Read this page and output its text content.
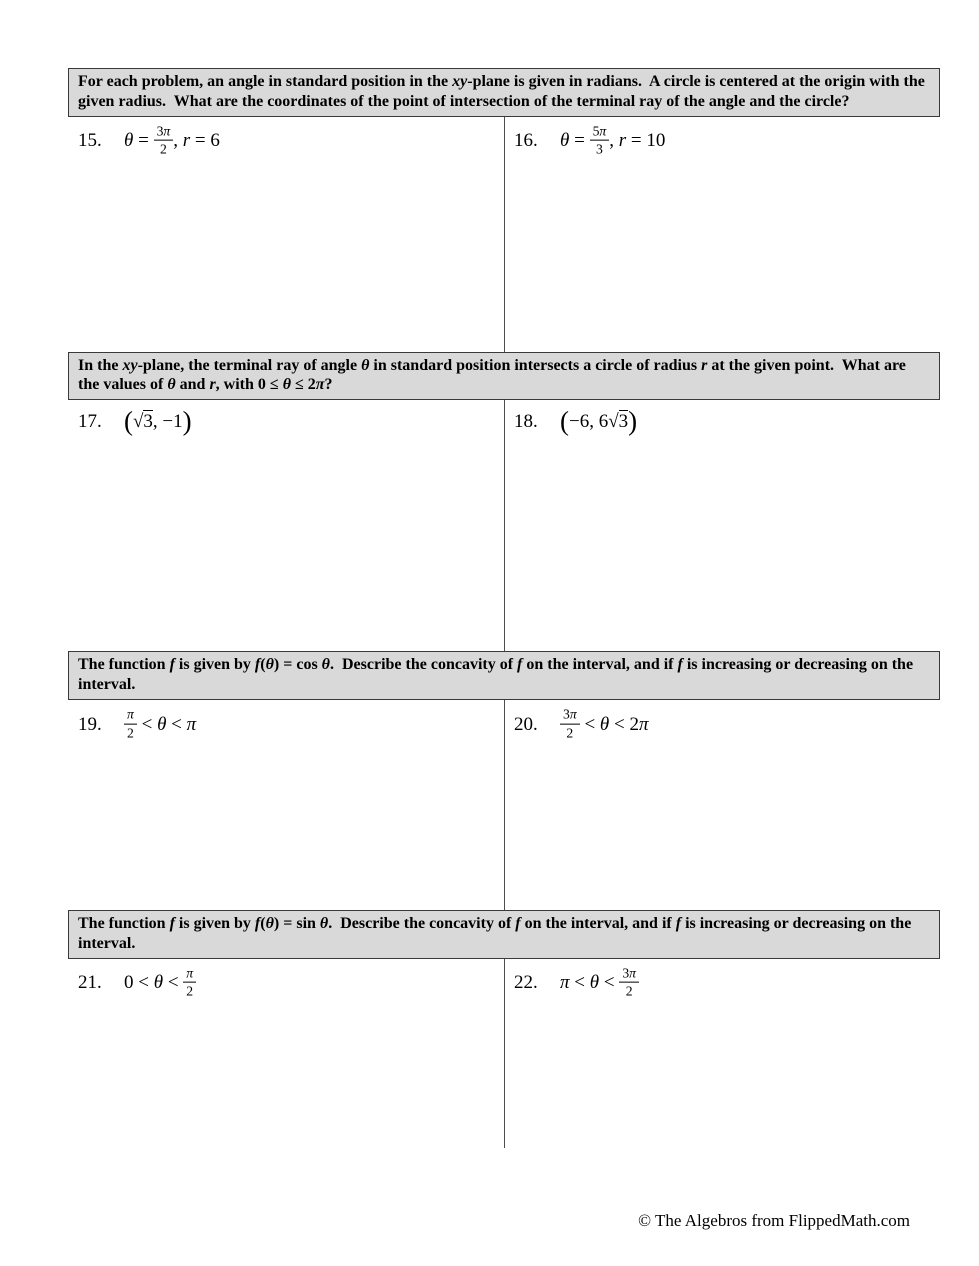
For each problem, an angle in standard position in the xy-plane is given in radians.  A circle is centered at the origin with the given radius.  What are the coordinates of the point of intersection of the terminal ray of the angle and the circle?
15. $\theta = \frac{3\pi}{2}$ , r = 6	16. $\theta = \frac{5\pi}{3}$ , r = 10
In the xy-plane, the terminal ray of angle θ in standard position intersects a circle of radius r at the given point.  What are the values of θ and r, with 0 ≤ θ ≤ 2π?
17. (√3, −1)	18. (−6, 6√3)
The function f is given by f(θ) = cos θ.  Describe the concavity of f on the interval, and if f is increasing or decreasing on the interval.
19. $\frac{\pi}{2} < \theta < \pi$	20. $\frac{3\pi}{2} < \theta < 2\pi$
The function f is given by f(θ) = sin θ.  Describe the concavity of f on the interval, and if f is increasing or decreasing on the interval.
21. $0 < \theta < \frac{\pi}{2}$	22. $\pi < \theta < \frac{3\pi}{2}$
© The Algebros from FlippedMath.com
